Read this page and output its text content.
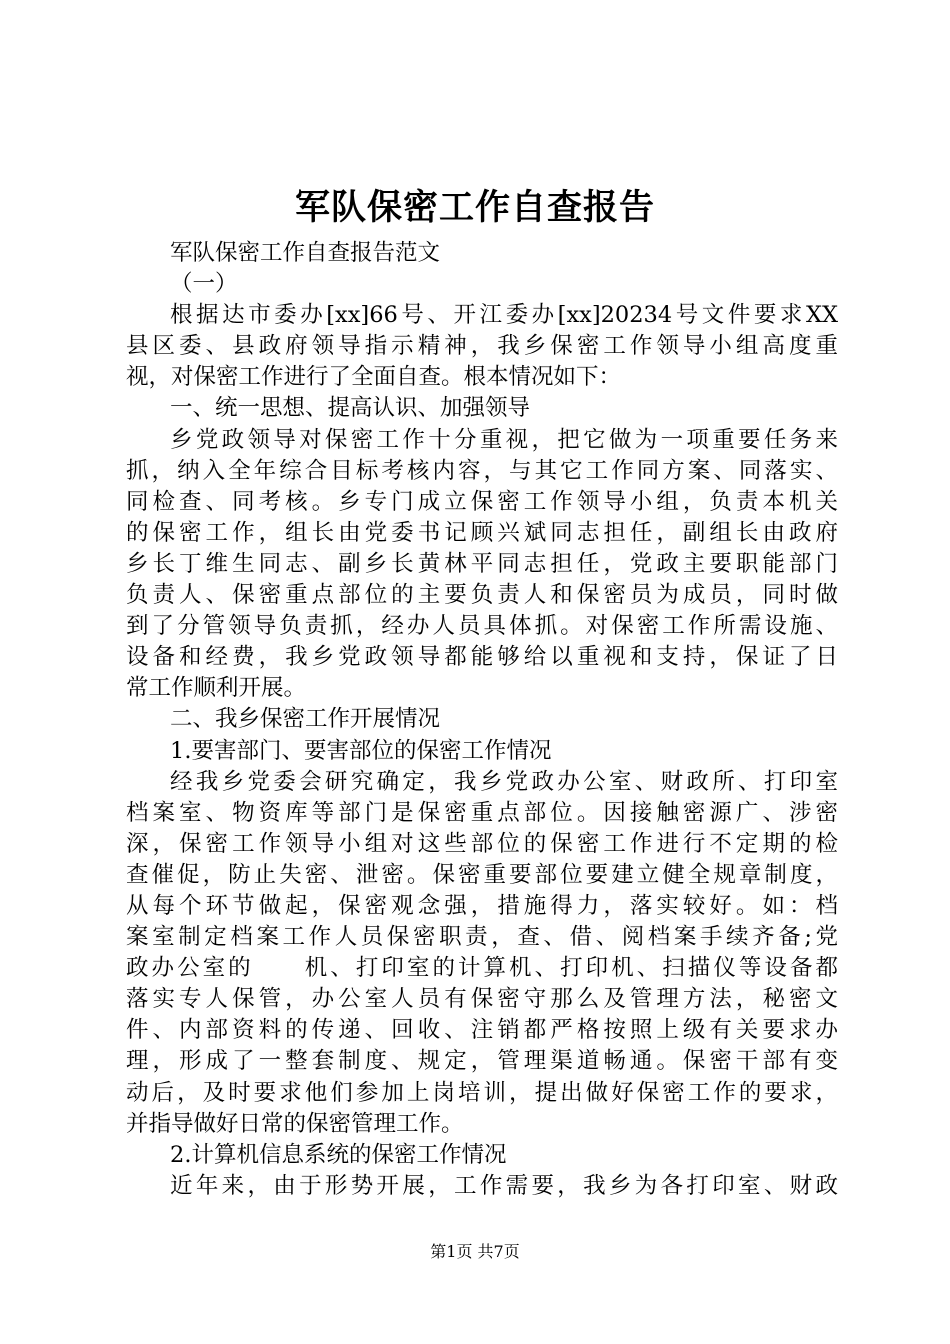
军队保密工作自查报告
军队保密工作自查报告范文
（一）
根据达市委办[xx]66号、开江委办[xx]20234号文件要求XX
县区委、县政府领导指示精神，我乡保密工作领导小组高度重
视，对保密工作进行了全面自查。根本情况如下：
一、统一思想、提高认识、加强领导
乡党政领导对保密工作十分重视，把它做为一项重要任务来
抓，纳入全年综合目标考核内容，与其它工作同方案、同落实、
同检查、同考核。乡专门成立保密工作领导小组，负责本机关
的保密工作，组长由党委书记顾兴斌同志担任，副组长由政府
乡长丁维生同志、副乡长黄林平同志担任，党政主要职能部门
负责人、保密重点部位的主要负责人和保密员为成员，同时做
到了分管领导负责抓，经办人员具体抓。对保密工作所需设施、
设备和经费，我乡党政领导都能够给以重视和支持，保证了日
常工作顺利开展。
二、我乡保密工作开展情况
1.要害部门、要害部位的保密工作情况
经我乡党委会研究确定，我乡党政办公室、财政所、打印室
档案室、物资库等部门是保密重点部位。因接触密源广、涉密
深，保密工作领导小组对这些部位的保密工作进行不定期的检
查催促，防止失密、泄密。保密重要部位要建立健全规章制度，
从每个环节做起，保密观念强，措施得力，落实较好。如：档
案室制定档案工作人员保密职责，查、借、阅档案手续齐备;党
政办公室的　　机、打印室的计算机、打印机、扫描仪等设备都
落实专人保管，办公室人员有保密守那么及管理方法，秘密文
件、内部资料的传递、回收、注销都严格按照上级有关要求办
理，形成了一整套制度、规定，管理渠道畅通。保密干部有变
动后，及时要求他们参加上岗培训，提出做好保密工作的要求，
并指导做好日常的保密管理工作。
2.计算机信息系统的保密工作情况
近年来，由于形势开展，工作需要，我乡为各打印室、财政
第1页 共7页
